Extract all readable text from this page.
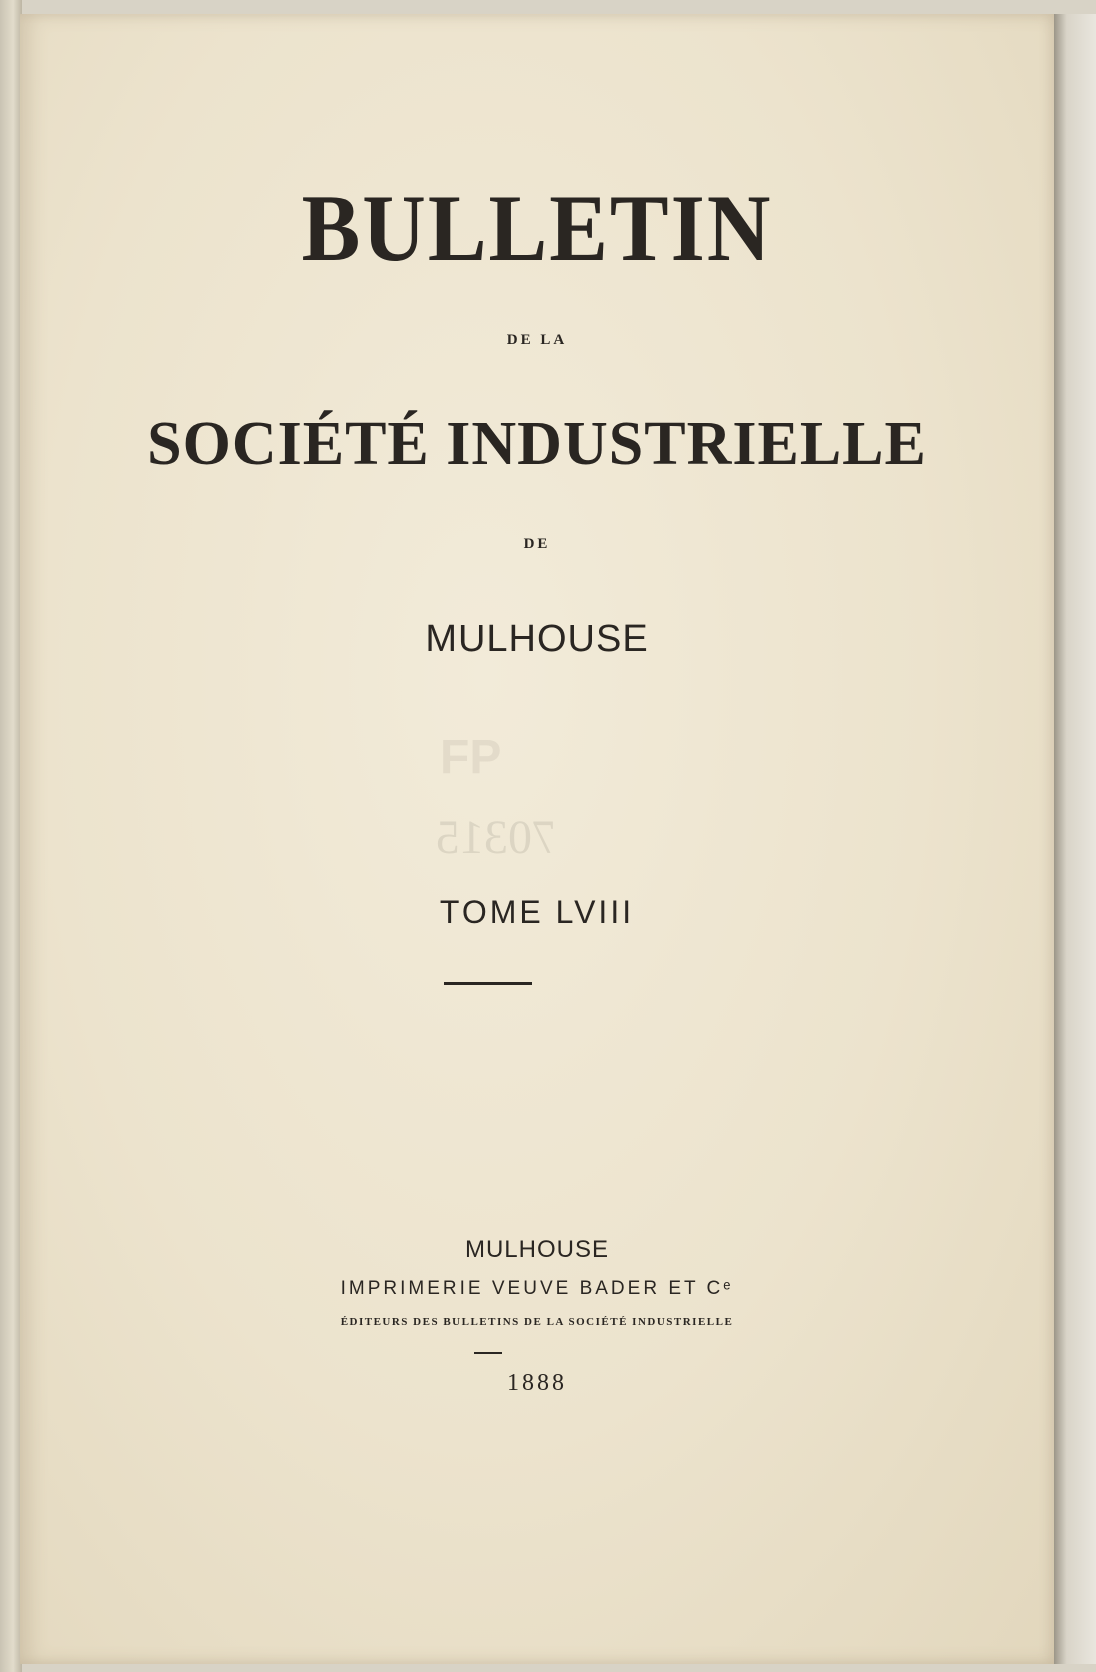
FP
70315
BULLETIN
DE LA
SOCIÉTÉ INDUSTRIELLE
DE
MULHOUSE
TOME LVIII
MULHOUSE
IMPRIMERIE VEUVE BADER ET Cᵉ
ÉDITEURS DES BULLETINS DE LA SOCIÉTÉ INDUSTRIELLE
1888
